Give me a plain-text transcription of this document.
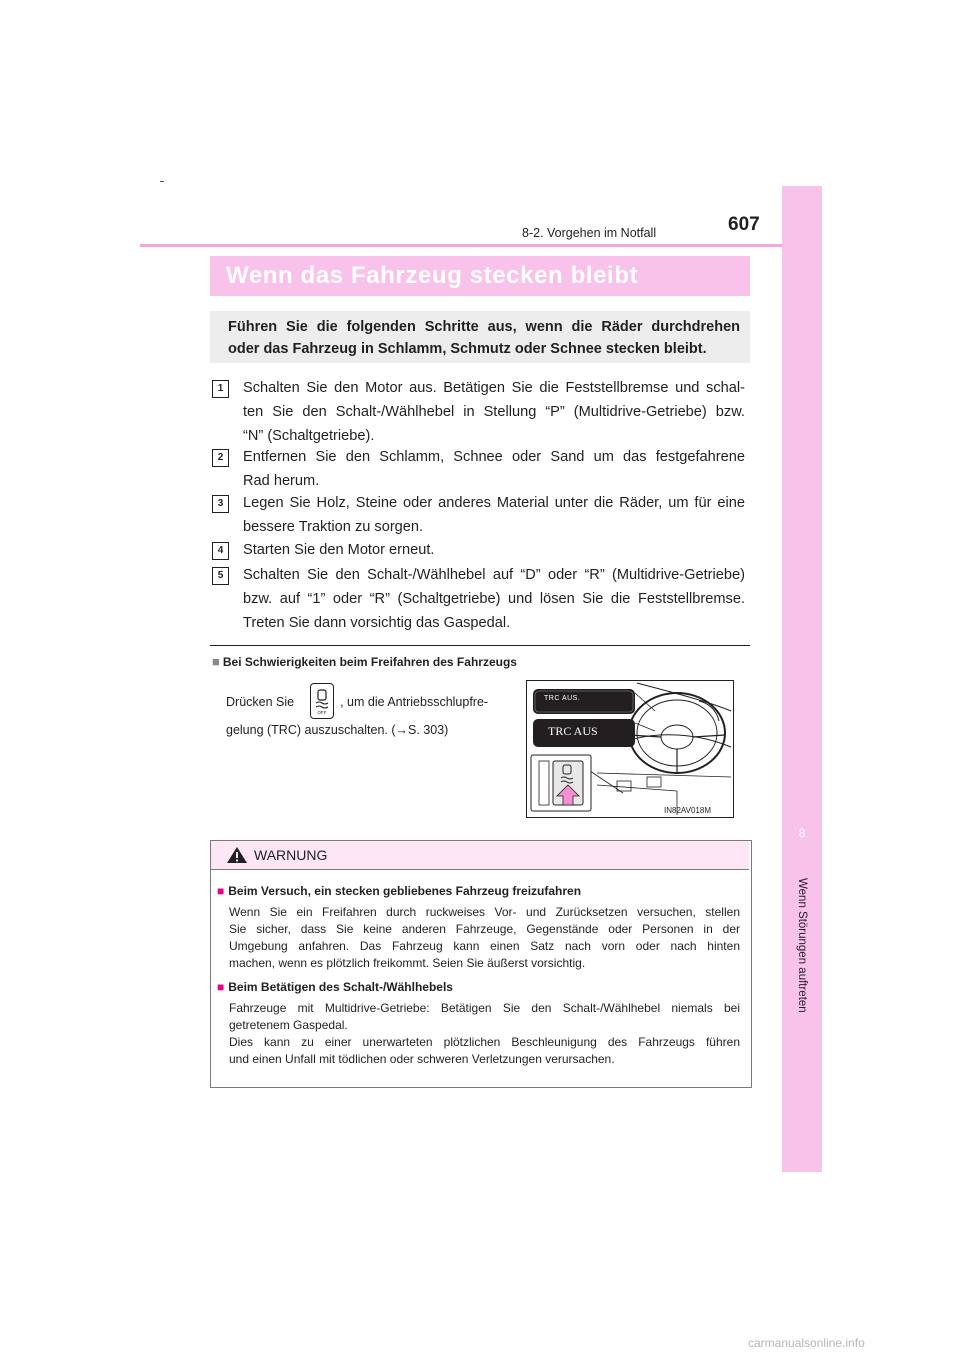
8-2. Vorgehen im Notfall	607
8
Wenn Störungen auftreten
Wenn das Fahrzeug stecken bleibt
Führen Sie die folgenden Schritte aus, wenn die Räder durchdrehen
oder das Fahrzeug in Schlamm, Schmutz oder Schnee stecken bleibt.
1	Schalten Sie den Motor aus. Betätigen Sie die Feststellbremse und schal-
ten Sie den Schalt-/Wählhebel in Stellung “P” (Multidrive-Getriebe) bzw.
“N” (Schaltgetriebe).
2	Entfernen Sie den Schlamm, Schnee oder Sand um das festgefahrene
Rad herum.
3	Legen Sie Holz, Steine oder anderes Material unter die Räder, um für eine
bessere Traktion zu sorgen.
4	Starten Sie den Motor erneut.
5	Schalten Sie den Schalt-/Wählhebel auf “D” oder “R” (Multidrive-Getriebe)
bzw. auf “1” oder “R” (Schaltgetriebe) und lösen Sie die Feststellbremse.
Treten Sie dann vorsichtig das Gaspedal.
■ Bei Schwierigkeiten beim Freifahren des Fahrzeugs
Drücken Sie	, um die Antriebsschlupfre-
OFF
gelung (TRC) auszuschalten. (→S. 303)
TRC AUS.
TRC AUS
IN82AV018M
WARNUNG
■ Beim Versuch, ein stecken gebliebenes Fahrzeug freizufahren
Wenn Sie ein Freifahren durch ruckweises Vor- und Zurücksetzen versuchen, stellen
Sie sicher, dass Sie keine anderen Fahrzeuge, Gegenstände oder Personen in der
Umgebung anfahren. Das Fahrzeug kann einen Satz nach vorn oder nach hinten
machen, wenn es plötzlich freikommt. Seien Sie äußerst vorsichtig.
■ Beim Betätigen des Schalt-/Wählhebels
Fahrzeuge mit Multidrive-Getriebe: Betätigen Sie den Schalt-/Wählhebel niemals bei
getretenem Gaspedal.
Dies kann zu einer unerwarteten plötzlichen Beschleunigung des Fahrzeugs führen
und einen Unfall mit tödlichen oder schweren Verletzungen verursachen.
carmanualsonline.info
